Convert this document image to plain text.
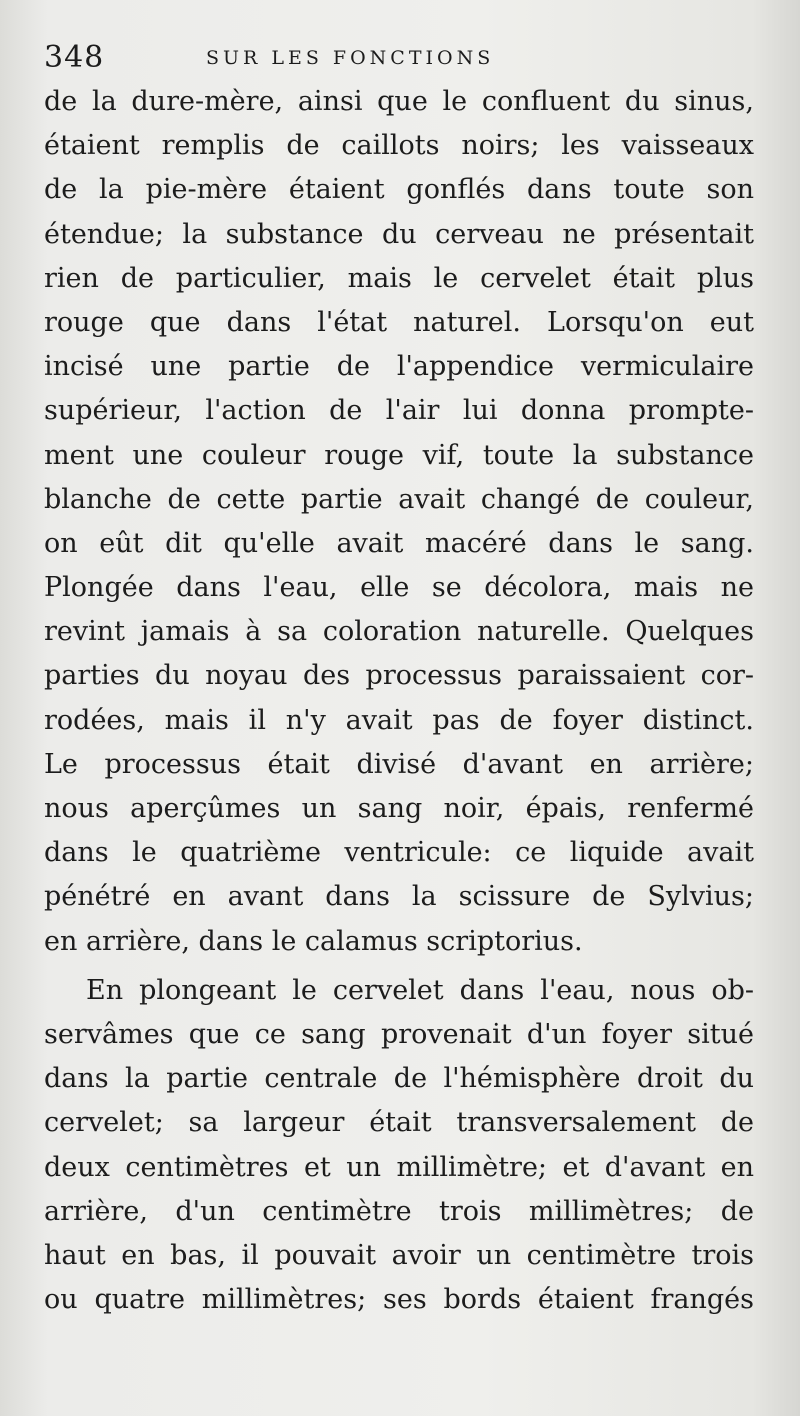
348	SUR LES FONCTIONS
de la dure-mère, ainsi que le confluent du sinus,
étaient remplis de caillots noirs; les vaisseaux
de la pie-mère étaient gonflés dans toute son
étendue; la substance du cerveau ne présentait
rien de particulier, mais le cervelet était plus
rouge que dans l'état naturel. Lorsqu'on eut
incisé une partie de l'appendice vermiculaire
supérieur, l'action de l'air lui donna prompte-
ment une couleur rouge vif, toute la substance
blanche de cette partie avait changé de couleur,
on eût dit qu'elle avait macéré dans le sang.
Plongée dans l'eau, elle se décolora, mais ne
revint jamais à sa coloration naturelle. Quelques
parties du noyau des processus paraissaient cor-
rodées, mais il n'y avait pas de foyer distinct.
Le processus était divisé d'avant en arrière;
nous aperçûmes un sang noir, épais, renfermé
dans le quatrième ventricule: ce liquide avait
pénétré en avant dans la scissure de Sylvius;
en arrière, dans le calamus scriptorius.
En plongeant le cervelet dans l'eau, nous ob-
servâmes que ce sang provenait d'un foyer situé
dans la partie centrale de l'hémisphère droit du
cervelet; sa largeur était transversalement de
deux centimètres et un millimètre; et d'avant en
arrière, d'un centimètre trois millimètres; de
haut en bas, il pouvait avoir un centimètre trois
ou quatre millimètres; ses bords étaient frangés
